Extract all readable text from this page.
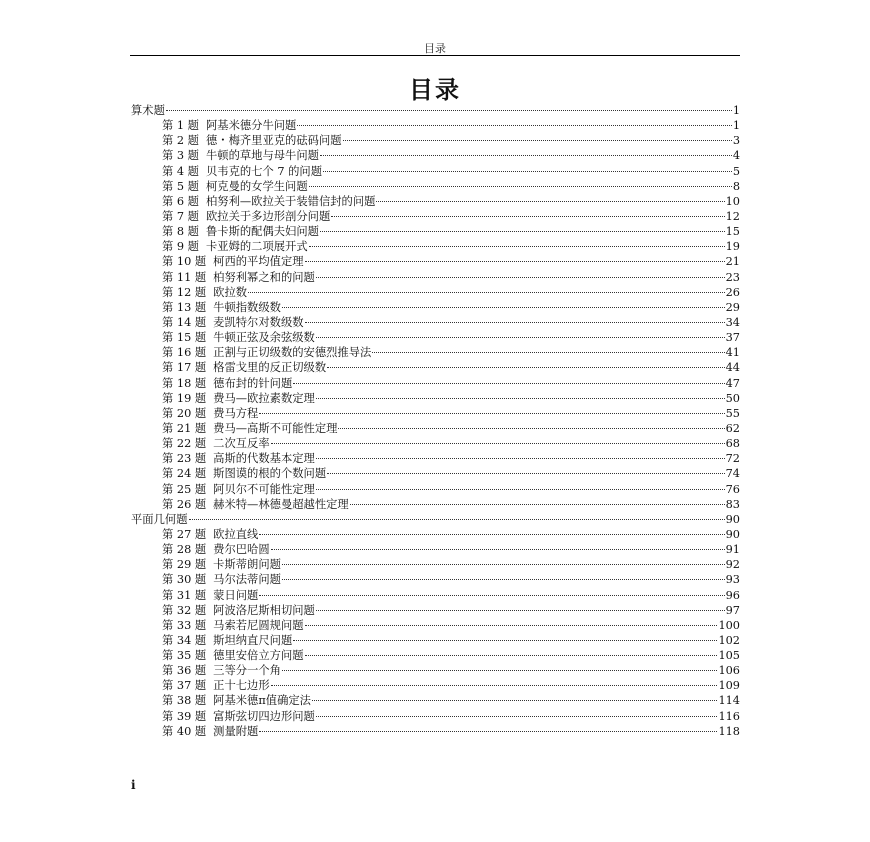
目录
目录
算术题	1
第 1 题 阿基米德分牛问题	1
第 2 题 德・梅齐里亚克的砝码问题	3
第 3 题 牛顿的草地与母牛问题	4
第 4 题 贝韦克的七个 7 的问题	5
第 5 题 柯克曼的女学生问题	8
第 6 题 柏努利—欧拉关于装错信封的问题	10
第 7 题 欧拉关于多边形剖分问题	12
第 8 题 鲁卡斯的配偶夫妇问题	15
第 9 题 卡亚姆的二项展开式	19
第 10 题 柯西的平均值定理	21
第 11 题 柏努利幂之和的问题	23
第 12 题 欧拉数	26
第 13 题 牛顿指数级数	29
第 14 题 麦凯特尔对数级数	34
第 15 题 牛顿正弦及余弦级数	37
第 16 题 正割与正切级数的安德烈推导法	41
第 17 题 格雷戈里的反正切级数	44
第 18 题 德布封的针问题	47
第 19 题 费马—欧拉素数定理	50
第 20 题 费马方程	55
第 21 题 费马—高斯不可能性定理	62
第 22 题 二次互反率	68
第 23 题 高斯的代数基本定理	72
第 24 题 斯图谟的根的个数问题	74
第 25 题 阿贝尔不可能性定理	76
第 26 题 赫米特—林德曼超越性定理	83
平面几何题	90
第 27 题 欧拉直线	90
第 28 题 费尔巴哈圆	91
第 29 题 卡斯蒂朗问题	92
第 30 题 马尔法蒂问题	93
第 31 题 蒙日问题	96
第 32 题 阿波洛尼斯相切问题	97
第 33 题 马索若尼圆规问题	100
第 34 题 斯坦纳直尺问题	102
第 35 题 德里安倍立方问题	105
第 36 题 三等分一个角	106
第 37 题 正十七边形	109
第 38 题 阿基米德π值确定法	114
第 39 题 富斯弦切四边形问题	116
第 40 题 测量附题	118
i
